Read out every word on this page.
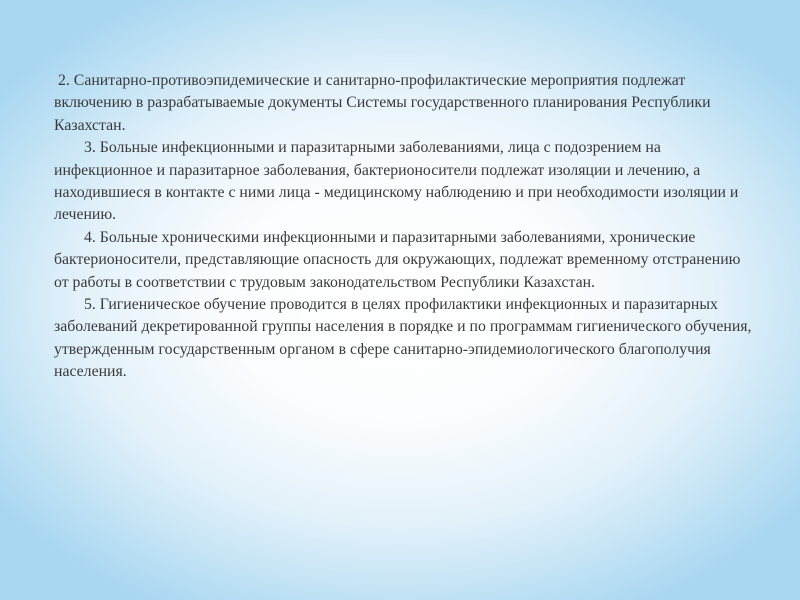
2. Санитарно-противоэпидемические и санитарно-профилактические мероприятия подлежат включению в разрабатываемые документы Системы государственного планирования Республики Казахстан.

3. Больные инфекционными и паразитарными заболеваниями, лица с подозрением на инфекционное и паразитарное заболевания, бактерионосители подлежат изоляции и лечению, а находившиеся в контакте с ними лица - медицинскому наблюдению и при необходимости изоляции и лечению.

4. Больные хроническими инфекционными и паразитарными заболеваниями, хронические бактерионосители, представляющие опасность для окружающих, подлежат временному отстранению от работы в соответствии с трудовым законодательством Республики Казахстан.

5. Гигиеническое обучение проводится в целях профилактики инфекционных и паразитарных заболеваний декретированной группы населения в порядке и по программам гигиенического обучения, утвержденным государственным органом в сфере санитарно-эпидемиологического благополучия населения.
